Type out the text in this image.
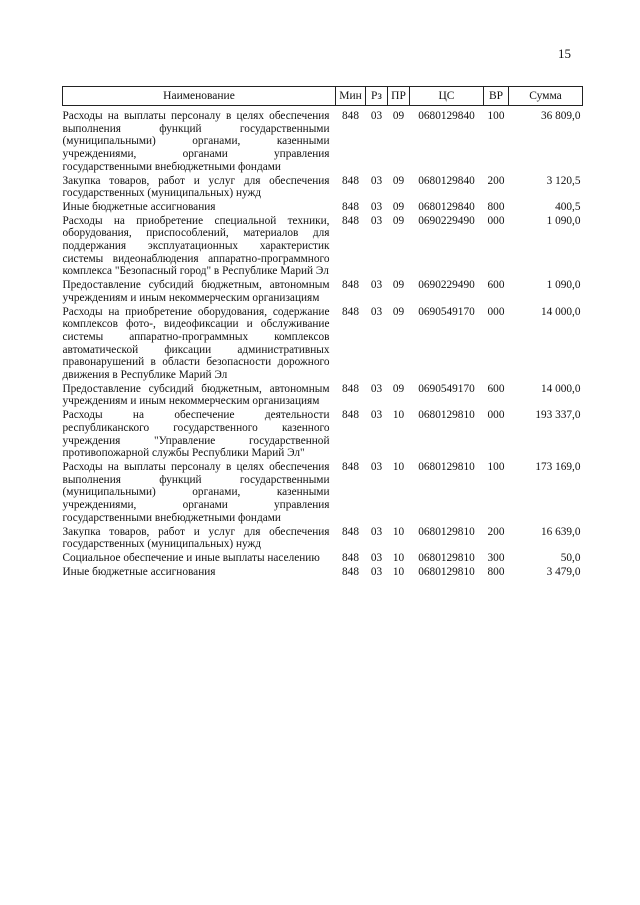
15
Наименование	Мин	Рз	ПР	ЦС	ВР	Сумма

Расходы на выплаты персоналу в целях обеспечения выполнения функций государственными (муниципальными) органами, казенными учреждениями, органами управления государственными внебюджетными фондами	848	03	09	0680129840	100	36 809,0
Закупка товаров, работ и услуг для обеспечения государственных (муниципальных) нужд	848	03	09	0680129840	200	3 120,5
Иные бюджетные ассигнования	848	03	09	0680129840	800	400,5
Расходы на приобретение специальной техники, оборудования, приспособлений, материалов для поддержания эксплуатационных характеристик системы видеонаблюдения аппаратно-программного комплекса "Безопасный город" в Республике Марий Эл	848	03	09	0690229490	000	1 090,0
Предоставление субсидий бюджетным, автономным учреждениям и иным некоммерческим организациям	848	03	09	0690229490	600	1 090,0
Расходы на приобретение оборудования, содержание комплексов фото-, видеофиксации и обслуживание системы аппаратно-программных комплексов автоматической фиксации административных правонарушений в области безопасности дорожного движения в Республике Марий Эл	848	03	09	0690549170	000	14 000,0
Предоставление субсидий бюджетным, автономным учреждениям и иным некоммерческим организациям	848	03	09	0690549170	600	14 000,0
Расходы на обеспечение деятельности республиканского государственного казенного учреждения "Управление государственной противопожарной службы Республики Марий Эл"	848	03	10	0680129810	000	193 337,0
Расходы на выплаты персоналу в целях обеспечения выполнения функций государственными (муниципальными) органами, казенными учреждениями, органами управления государственными внебюджетными фондами	848	03	10	0680129810	100	173 169,0
Закупка товаров, работ и услуг для обеспечения государственных (муниципальных) нужд	848	03	10	0680129810	200	16 639,0
Социальное обеспечение и иные выплаты населению	848	03	10	0680129810	300	50,0
Иные бюджетные ассигнования	848	03	10	0680129810	800	3 479,0
